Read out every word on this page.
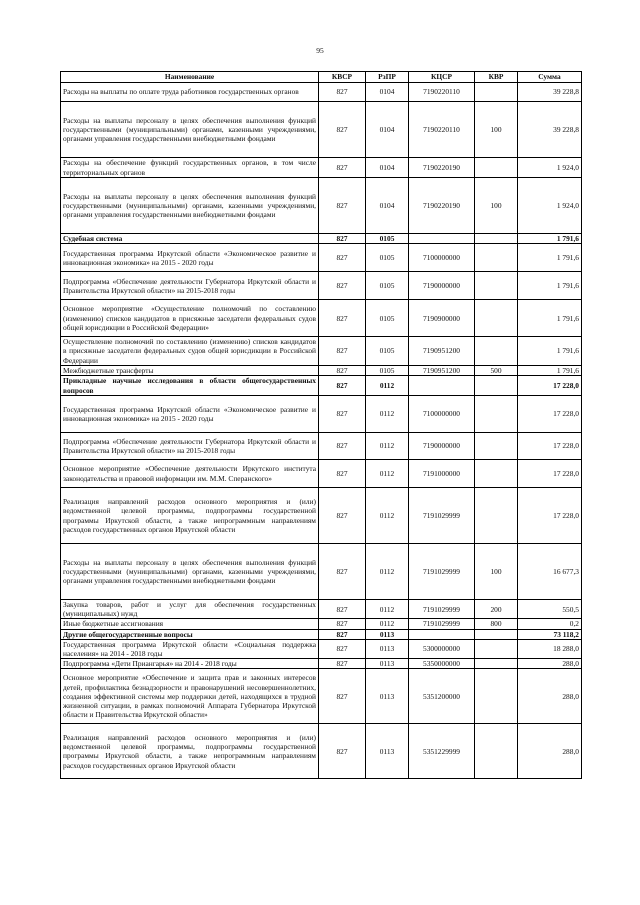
95
Наименование	КВСР	РзПР	КЦСР	КВР	Сумма
Расходы на выплаты по оплате труда работников государственных органов	827	0104	7190220110		39 228,8
Расходы на выплаты персоналу в целях обеспечения выполнения функций государственными (муниципальными) органами, казенными учреждениями, органами управления государственными внебюджетными фондами	827	0104	7190220110	100	39 228,8
Расходы на обеспечение функций государственных органов, в том числе территориальных органов	827	0104	7190220190		1 924,0
Расходы на выплаты персоналу в целях обеспечения выполнения функций государственными (муниципальными) органами, казенными учреждениями, органами управления государственными внебюджетными фондами	827	0104	7190220190	100	1 924,0
Судебная система	827	0105			1 791,6
Государственная программа Иркутской области «Экономическое развитие и инновационная экономика» на 2015 - 2020 годы	827	0105	7100000000		1 791,6
Подпрограмма «Обеспечение деятельности Губернатора Иркутской области и Правительства Иркутской области» на 2015-2018 годы	827	0105	7190000000		1 791,6
Основное мероприятие «Осуществление полномочий по составлению (изменению) списков кандидатов в присяжные заседатели федеральных судов общей юрисдикции в Российской Федерации»	827	0105	7190900000		1 791,6
Осуществление полномочий по составлению (изменению) списков кандидатов в присяжные заседатели федеральных судов общей юрисдикции в Российской Федерации	827	0105	7190951200		1 791,6
Межбюджетные трансферты	827	0105	7190951200	500	1 791,6
Прикладные научные исследования в области общегосударственных вопросов	827	0112			17 228,0
Государственная программа Иркутской области «Экономическое развитие и инновационная экономика» на 2015 - 2020 годы	827	0112	7100000000		17 228,0
Подпрограмма «Обеспечение деятельности Губернатора Иркутской области и Правительства Иркутской области» на 2015-2018 годы	827	0112	7190000000		17 228,0
Основное мероприятие «Обеспечение деятельности Иркутского института законодательства и правовой информации им. М.М. Сперанского»	827	0112	7191000000		17 228,0
Реализация направлений расходов основного мероприятия и (или) ведомственной целевой программы, подпрограммы государственной программы Иркутской области, а также непрограммным направлениям расходов государственных органов Иркутской области	827	0112	7191029999		17 228,0
Расходы на выплаты персоналу в целях обеспечения выполнения функций государственными (муниципальными) органами, казенными учреждениями, органами управления государственными внебюджетными фондами	827	0112	7191029999	100	16 677,3
Закупка товаров, работ и услуг для обеспечения государственных (муниципальных) нужд	827	0112	7191029999	200	550,5
Иные бюджетные ассигнования	827	0112	7191029999	800	0,2
Другие общегосударственные вопросы	827	0113			73 118,2
Государственная программа Иркутской области «Социальная поддержка населения» на 2014 - 2018 годы	827	0113	5300000000		18 288,0
Подпрограмма «Дети Приангарья» на 2014 - 2018 годы	827	0113	5350000000		288,0
Основное мероприятие «Обеспечение и защита прав и законных интересов детей, профилактика безнадзорности и правонарушений несовершеннолетних, создания эффективной системы мер поддержки детей, находящихся в трудной жизненной ситуации, в рамках полномочий Аппарата Губернатора Иркутской области и Правительства Иркутской области»	827	0113	5351200000		288,0
Реализация направлений расходов основного мероприятия и (или) ведомственной целевой программы, подпрограммы государственной программы Иркутской области, а также непрограммным направлениям расходов государственных органов Иркутской области	827	0113	5351229999		288,0
